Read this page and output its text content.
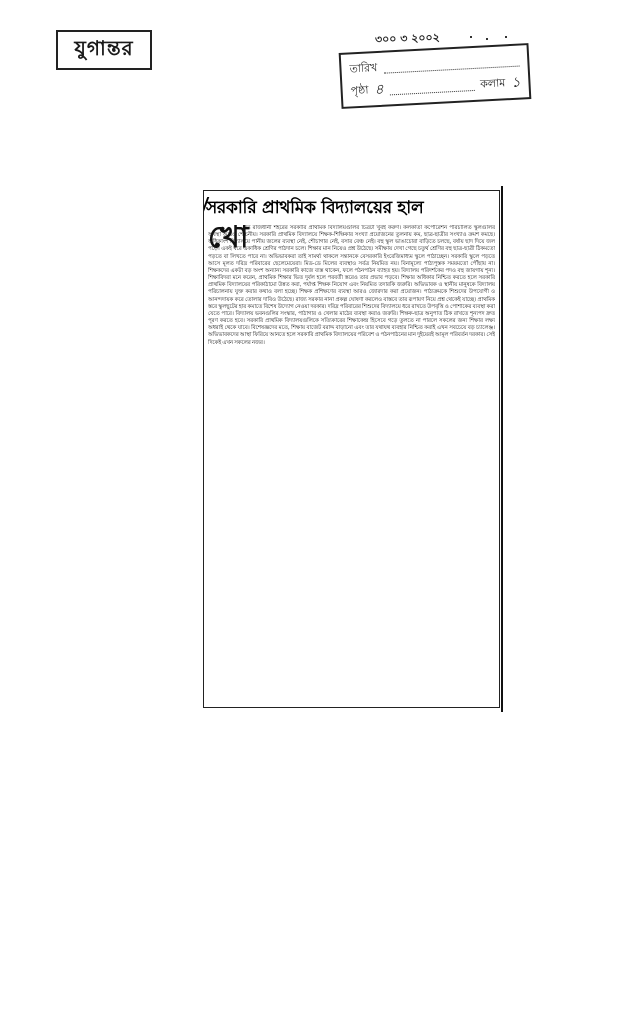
যুগান্তর	৩০০ ৩ ২০০২
তারিখ
পৃষ্ঠা ৪	কলাম ১
সরকারি প্রাথমিক বিদ্যালয়ের হাল
খো
দ্য রাজধানী শহরের সরকারি প্রাথমিক বিদ্যালয়গুলির চিত্রটা খুবই করুণ। কলকাতা কর্পোরেশন পরিচালিত স্কুলগুলির অবস্থা আরও শোচনীয়। সরকারি প্রাথমিক বিদ্যালয়ে শিক্ষক-শিক্ষিকার সংখ্যা প্রয়োজনের তুলনায় কম, ছাত্র-ছাত্রীর সংখ্যাও ক্রমশ কমছে। অধিকাংশ বিদ্যালয়ে পানীয় জলের ব্যবস্থা নেই, শৌচাগার নেই, বসার বেঞ্চ নেই। বহু স্কুল ভাঙাচোরা বাড়িতে চলছে, বর্ষায় ছাদ দিয়ে জল পড়ে। একই ঘরে একাধিক শ্রেণির পাঠদান চলে। শিক্ষার মান নিয়েও প্রশ্ন উঠেছে। সমীক্ষায় দেখা গেছে চতুর্থ শ্রেণির বহু ছাত্র-ছাত্রী ঠিকমতো পড়তে বা লিখতে পারে না। অভিভাবকরা তাই সামর্থ্য থাকলে সন্তানকে বেসরকারি ইংরেজিমাধ্যম স্কুলে পাঠাচ্ছেন। সরকারি স্কুলে পড়তে আসে মূলত দরিদ্র পরিবারের ছেলেমেয়েরা। মিড-ডে মিলের ব্যবস্থাও সর্বত্র নিয়মিত নয়। বিনামূল্যে পাঠ্যপুস্তক সময়মতো পৌঁছায় না। শিক্ষকদের একটা বড় অংশ অন্যান্য সরকারি কাজে ব্যস্ত থাকেন, ফলে পঠনপাঠন ব্যাহত হয়। বিদ্যালয় পরিদর্শকের পদও বহু জায়গায় শূন্য। শিক্ষাবিদরা মনে করেন, প্রাথমিক শিক্ষার ভিত দুর্বল হলে পরবর্তী স্তরেও তার প্রভাব পড়বে। শিক্ষার অধিকার নিশ্চিত করতে হলে সরকারি প্রাথমিক বিদ্যালয়ের পরিকাঠামো উন্নত করা, পর্যাপ্ত শিক্ষক নিয়োগ এবং নিয়মিত তদারকি জরুরি। অভিভাবক ও স্থানীয় মানুষকে বিদ্যালয় পরিচালনায় যুক্ত করার কথাও বলা হচ্ছে। শিক্ষক প্রশিক্ষণের ব্যবস্থা আরও জোরদার করা প্রয়োজন। পাঠ্যক্রমকে শিশুদের উপযোগী ও আনন্দদায়ক করে তোলার দাবিও উঠেছে। রাজ্য সরকার নানা প্রকল্প ঘোষণা করলেও বাস্তবে তার রূপায়ণ নিয়ে প্রশ্ন থেকেই যাচ্ছে। প্রাথমিক স্তরে স্কুলছুটের হার কমাতে বিশেষ উদ্যোগ নেওয়া দরকার। দরিদ্র পরিবারের শিশুদের বিদ্যালয়ে ধরে রাখতে উপবৃত্তি ও পোশাকের ব্যবস্থা করা যেতে পারে। বিদ্যালয় ভবনগুলির সংস্কার, পাঠাগার ও খেলার মাঠের ব্যবস্থা করাও জরুরি। শিক্ষক-ছাত্র অনুপাত ঠিক রাখতে শূন্যপদ দ্রুত পূরণ করতে হবে। সরকারি প্রাথমিক বিদ্যালয়গুলিকে সত্যিকারের শিক্ষাকেন্দ্র হিসেবে গড়ে তুলতে না পারলে সকলের জন্য শিক্ষার লক্ষ্য অধরাই থেকে যাবে। বিশেষজ্ঞদের মতে, শিক্ষায় বাজেট বরাদ্দ বাড়ানো এবং তার যথাযথ ব্যবহার নিশ্চিত করাই এখন সবচেয়ে বড় চ্যালেঞ্জ। অভিভাবকদের আস্থা ফিরিয়ে আনতে হলে সরকারি প্রাথমিক বিদ্যালয়ের পরিবেশ ও পঠনপাঠনের মান দুইয়েরই আমূল পরিবর্তন দরকার। সেই দিকেই এখন সকলের নজর।
